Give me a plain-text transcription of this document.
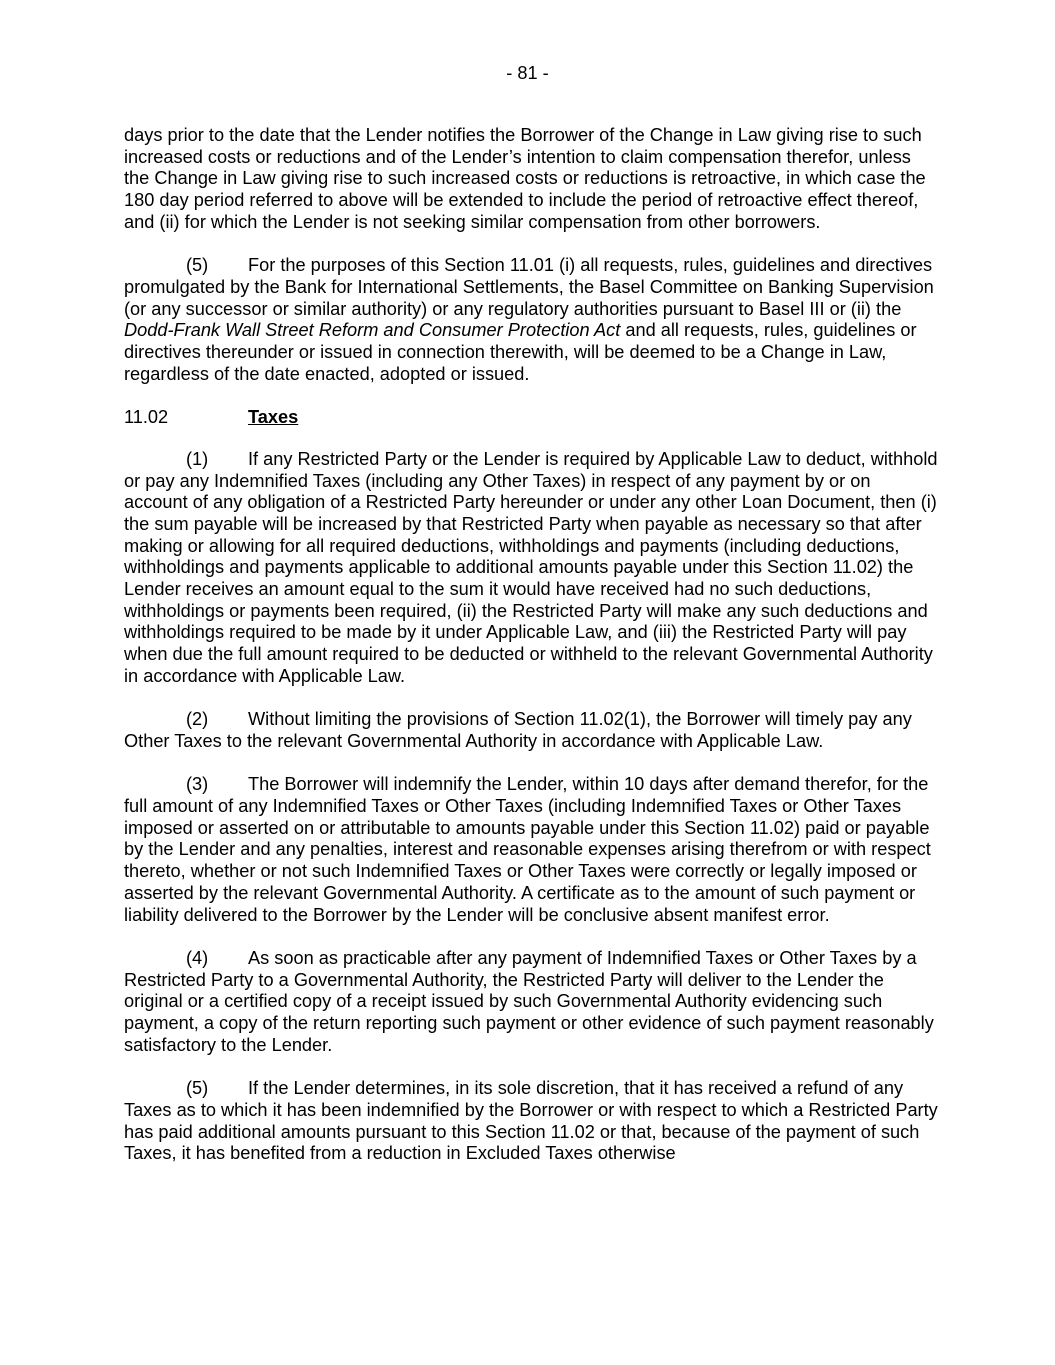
- 81 -

days prior to the date that the Lender notifies the Borrower of the Change in Law giving rise to such increased costs or reductions and of the Lender’s intention to claim compensation therefor, unless the Change in Law giving rise to such increased costs or reductions is retroactive, in which case the 180 day period referred to above will be extended to include the period of retroactive effect thereof, and (ii) for which the Lender is not seeking similar compensation from other borrowers.

(5) For the purposes of this Section 11.01 (i) all requests, rules, guidelines and directives promulgated by the Bank for International Settlements, the Basel Committee on Banking Supervision (or any successor or similar authority) or any regulatory authorities pursuant to Basel III or (ii) the Dodd-Frank Wall Street Reform and Consumer Protection Act and all requests, rules, guidelines or directives thereunder or issued in connection therewith, will be deemed to be a Change in Law, regardless of the date enacted, adopted or issued.

11.02	Taxes

(1) If any Restricted Party or the Lender is required by Applicable Law to deduct, withhold or pay any Indemnified Taxes (including any Other Taxes) in respect of any payment by or on account of any obligation of a Restricted Party hereunder or under any other Loan Document, then (i) the sum payable will be increased by that Restricted Party when payable as necessary so that after making or allowing for all required deductions, withholdings and payments (including deductions, withholdings and payments applicable to additional amounts payable under this Section 11.02) the Lender receives an amount equal to the sum it would have received had no such deductions, withholdings or payments been required, (ii) the Restricted Party will make any such deductions and withholdings required to be made by it under Applicable Law, and (iii) the Restricted Party will pay when due the full amount required to be deducted or withheld to the relevant Governmental Authority in accordance with Applicable Law.

(2) Without limiting the provisions of Section 11.02(1), the Borrower will timely pay any Other Taxes to the relevant Governmental Authority in accordance with Applicable Law.

(3) The Borrower will indemnify the Lender, within 10 days after demand therefor, for the full amount of any Indemnified Taxes or Other Taxes (including Indemnified Taxes or Other Taxes imposed or asserted on or attributable to amounts payable under this Section 11.02) paid or payable by the Lender and any penalties, interest and reasonable expenses arising therefrom or with respect thereto, whether or not such Indemnified Taxes or Other Taxes were correctly or legally imposed or asserted by the relevant Governmental Authority. A certificate as to the amount of such payment or liability delivered to the Borrower by the Lender will be conclusive absent manifest error.

(4) As soon as practicable after any payment of Indemnified Taxes or Other Taxes by a Restricted Party to a Governmental Authority, the Restricted Party will deliver to the Lender the original or a certified copy of a receipt issued by such Governmental Authority evidencing such payment, a copy of the return reporting such payment or other evidence of such payment reasonably satisfactory to the Lender.

(5) If the Lender determines, in its sole discretion, that it has received a refund of any Taxes as to which it has been indemnified by the Borrower or with respect to which a Restricted Party has paid additional amounts pursuant to this Section 11.02 or that, because of the payment of such Taxes, it has benefited from a reduction in Excluded Taxes otherwise
